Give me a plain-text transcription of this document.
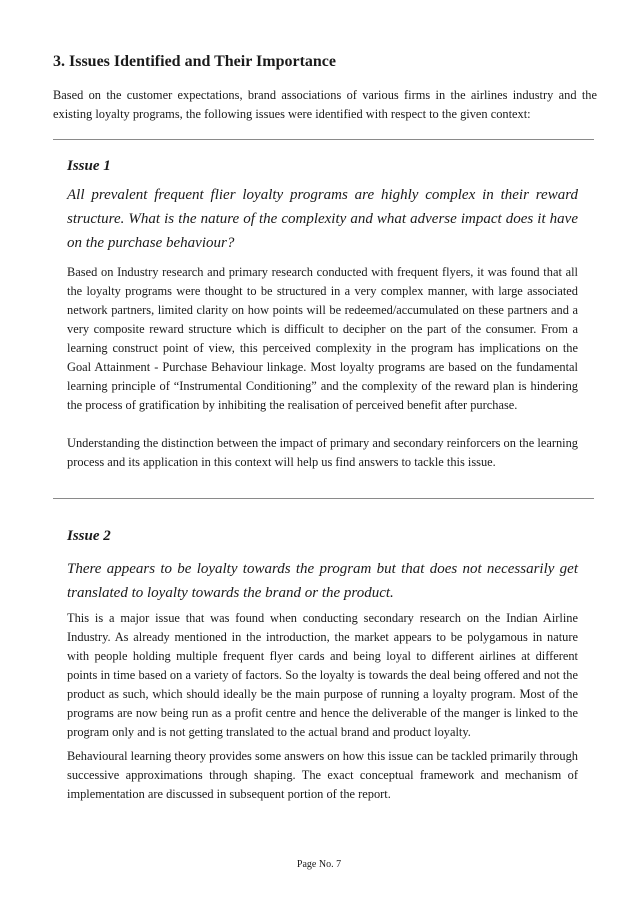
3. Issues Identified and Their Importance

Based on the customer expectations, brand associations of various firms in the airlines industry and the existing loyalty programs, the following issues were identified with respect to the given context:

Issue 1

All prevalent frequent flier loyalty programs are highly complex in their reward structure. What is the nature of the complexity and what adverse impact does it have on the purchase behaviour?

Based on Industry research and primary research conducted with frequent flyers, it was found that all the loyalty programs were thought to be structured in a very complex manner, with large associated network partners, limited clarity on how points will be redeemed/accumulated on these partners and a very composite reward structure which is difficult to decipher on the part of the consumer. From a learning construct point of view, this perceived complexity in the program has implications on the Goal Attainment - Purchase Behaviour linkage. Most loyalty programs are based on the fundamental learning principle of “Instrumental Conditioning” and the complexity of the reward plan is hindering the process of gratification by inhibiting the realisation of perceived benefit after purchase.

Understanding the distinction between the impact of primary and secondary reinforcers on the learning process and its application in this context will help us find answers to tackle this issue.

Issue 2

There appears to be loyalty towards the program but that does not necessarily get translated to loyalty towards the brand or the product.

This is a major issue that was found when conducting secondary research on the Indian Airline Industry. As already mentioned in the introduction, the market appears to be polygamous in nature with people holding multiple frequent flyer cards and being loyal to different airlines at different points in time based on a variety of factors. So the loyalty is towards the deal being offered and not the product as such, which should ideally be the main purpose of running a loyalty program. Most of the programs are now being run as a profit centre and hence the deliverable of the manger is linked to the program only and is not getting translated to the actual brand and product loyalty.

Behavioural learning theory provides some answers on how this issue can be tackled primarily through successive approximations through shaping. The exact conceptual framework and mechanism of implementation are discussed in subsequent portion of the report.

Page No. 7
